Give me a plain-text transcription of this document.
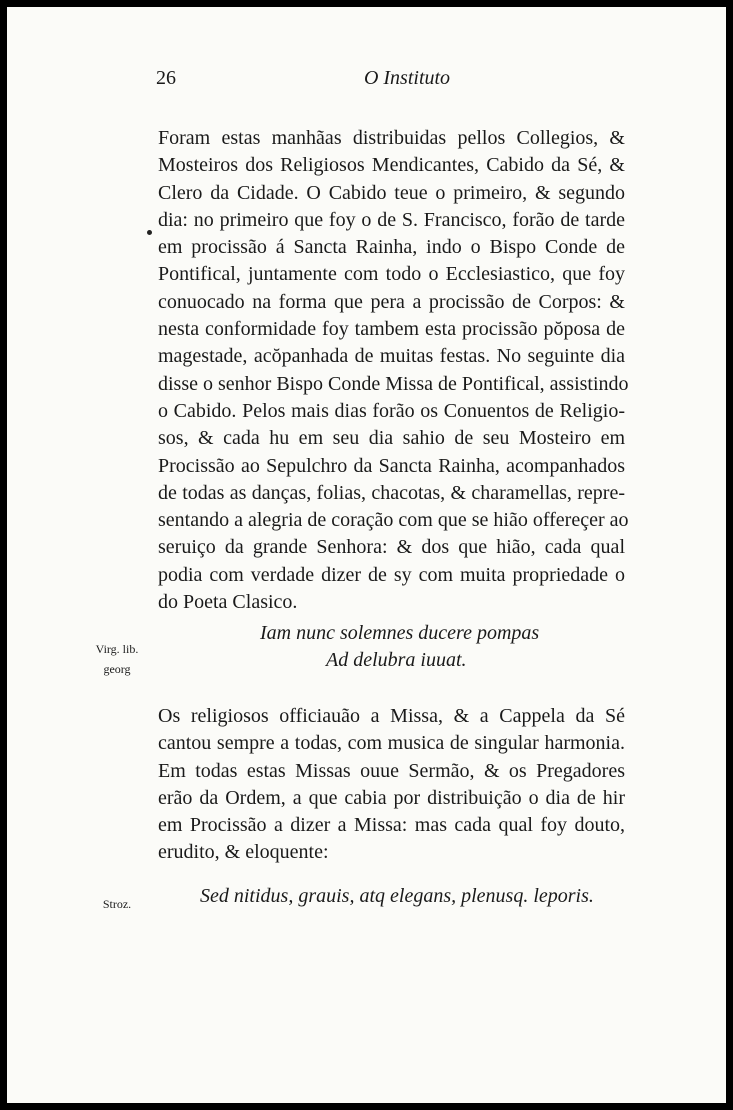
26	O Instituto
Foram estas manhãas distribuidas pellos Collegios, &
Mosteiros dos Religiosos Mendicantes, Cabido da Sé, &
Clero da Cidade. O Cabido teue o primeiro, & segundo
dia: no primeiro que foy o de S. Francisco, forão de tarde
em procissão á Sancta Rainha, indo o Bispo Conde de
Pontifical, juntamente com todo o Ecclesiastico, que foy
conuocado na forma que pera a procissão de Corpos: &
nesta conformidade foy tambem esta procissão pŏposa de
magestade, acŏpanhada de muitas festas. No seguinte dia
disse o senhor Bispo Conde Missa de Pontifical, assistindo
o Cabido. Pelos mais dias forão os Conuentos de Religio-
sos, & cada hu em seu dia sahio de seu Mosteiro em
Procissão ao Sepulchro da Sancta Rainha, acompanhados
de todas as danças, folias, chacotas, & charamellas, repre-
sentando a alegria de coração com que se hião offereçer ao
seruiço da grande Senhora: & dos que hião, cada qual
podia com verdade dizer de sy com muita propriedade o
do Poeta Clasico.
Virg. lib.
georg
Iam nunc solemnes ducere pompas
Ad delubra iuuat.
Os religiosos officiauão a Missa, & a Cappela da Sé
cantou sempre a todas, com musica de singular harmonia.
Em todas estas Missas ouue Sermão, & os Pregadores
erão da Ordem, a que cabia por distribuição o dia de hir
em Procissão a dizer a Missa: mas cada qual foy douto,
erudito, & eloquente:
Stroz.	Sed nitidus, grauis, atq elegans, plenusq. leporis.
